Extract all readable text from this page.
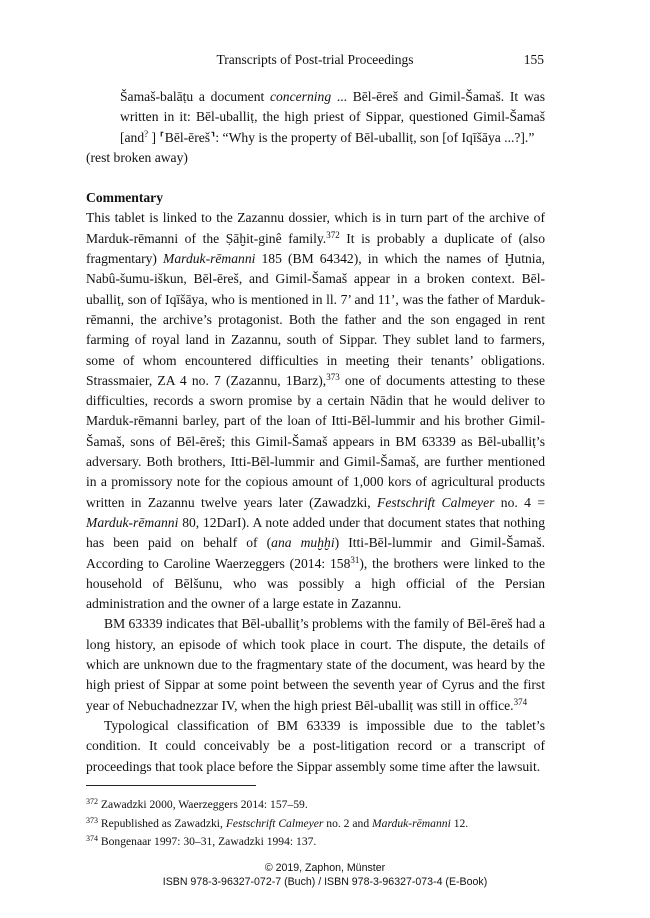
Transcripts of Post-trial Proceedings	155

Šamaš-balāṭu a document concerning ... Bēl-ēreš and Gimil-Šamaš. It was written in it: Bēl-uballiṭ, the high priest of Sippar, questioned Gimil-Šamaš [and? ] ⸢Bēl-ēreš⸣: “Why is the property of Bēl-uballiṭ, son [of Iqīšāya ...?].”

(rest broken away)

Commentary

This tablet is linked to the Zazannu dossier, which is in turn part of the archive of Marduk-rēmanni of the Ṣāḫit-ginê family.$^{372}$ It is probably a duplicate of (also fragmentary) Marduk-rēmanni 185 (BM 64342), in which the names of Ḫutnia, Nabû-šumu-iškun, Bēl-ēreš, and Gimil-Šamaš appear in a broken context. Bēl-uballiṭ, son of Iqīšāya, who is mentioned in ll. 7’ and 11’, was the father of Marduk-rēmanni, the archive’s protagonist. Both the father and the son engaged in rent farming of royal land in Zazannu, south of Sippar. They sublet land to farmers, some of whom encountered difficulties in meeting their tenants’ obligations. Strassmaier, ZA 4 no. 7 (Zazannu, 1Barz),$^{373}$ one of documents attesting to these difficulties, records a sworn promise by a certain Nādin that he would deliver to Marduk-rēmanni barley, part of the loan of Itti-Bēl-lummir and his brother Gimil-Šamaš, sons of Bēl-ēreš; this Gimil-Šamaš appears in BM 63339 as Bēl-uballiṭ’s adversary. Both brothers, Itti-Bēl-lummir and Gimil-Šamaš, are further mentioned in a promissory note for the copious amount of 1,000 kors of agricultural products written in Zazannu twelve years later (Zawadzki, Festschrift Calmeyer no. 4 = Marduk-rēmanni 80, 12DarI). A note added under that document states that nothing has been paid on behalf of (ana muḫḫi) Itti-Bēl-lummir and Gimil-Šamaš. According to Caroline Waerzeggers (2014: $158^{31}$), the brothers were linked to the household of Bēlšunu, who was possibly a high official of the Persian administration and the owner of a large estate in Zazannu.

BM 63339 indicates that Bēl-uballiṭ’s problems with the family of Bēl-ēreš had a long history, an episode of which took place in court. The dispute, the details of which are unknown due to the fragmentary state of the document, was heard by the high priest of Sippar at some point between the seventh year of Cyrus and the first year of Nebuchadnezzar IV, when the high priest Bēl-uballiṭ was still in office.$^{374}$

Typological classification of BM 63339 is impossible due to the tablet’s condition. It could conceivably be a post-litigation record or a transcript of proceedings that took place before the Sippar assembly some time after the lawsuit.

$^{372}$ Zawadzki 2000, Waerzeggers 2014: 157–59.
$^{373}$ Republished as Zawadzki, Festschrift Calmeyer no. 2 and Marduk-rēmanni 12.
$^{374}$ Bongenaar 1997: 30–31, Zawadzki 1994: 137.
© 2019, Zaphon, Münster
ISBN 978-3-96327-072-7 (Buch) / ISBN 978-3-96327-073-4 (E-Book)
